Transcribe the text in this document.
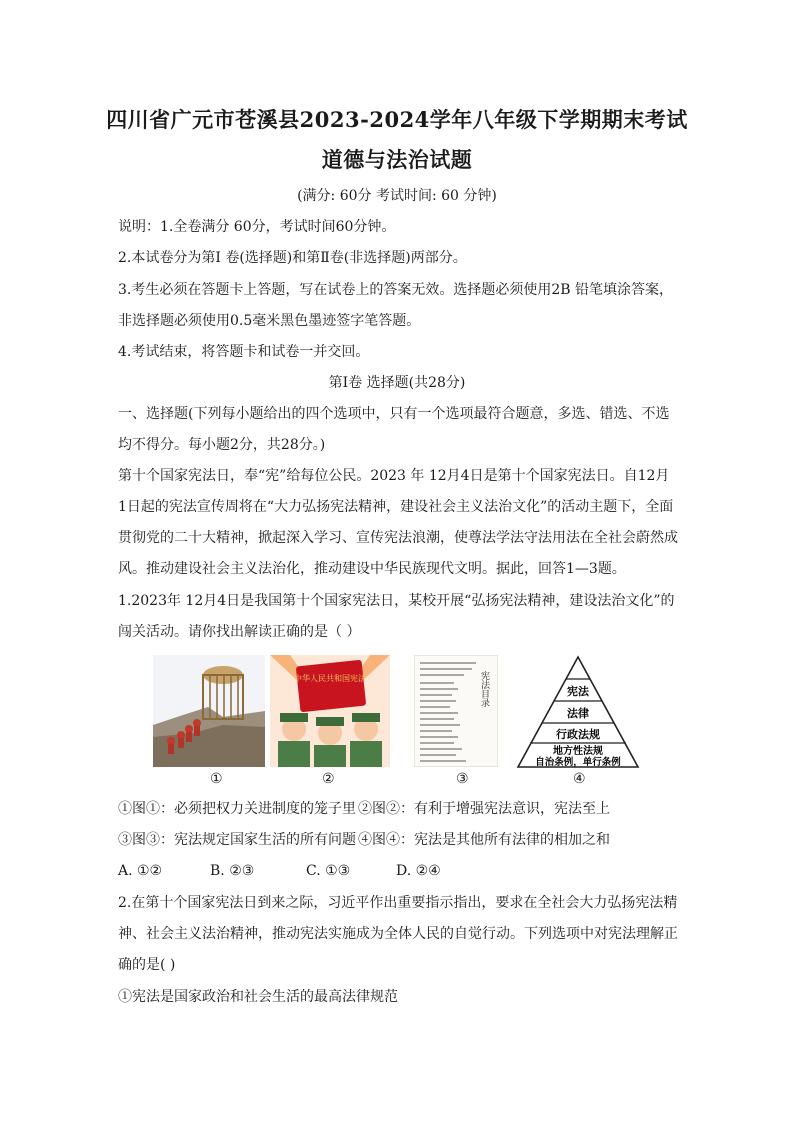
四川省广元市苍溪县2023-2024学年八年级下学期期末考试
道德与法治试题
(满分: 60分 考试时间: 60 分钟)
说明：1.全卷满分 60分，考试时间60分钟。
2.本试卷分为第Ⅰ 卷(选择题)和第Ⅱ卷(非选择题)两部分。
3.考生必须在答题卡上答题，写在试卷上的答案无效。选择题必须使用2B 铅笔填涂答案，
非选择题必须使用0.5毫米黑色墨迹签字笔答题。
4.考试结束，将答题卡和试卷一并交回。
第Ⅰ卷 选择题(共28分)
一、选择题(下列每小题给出的四个选项中，只有一个选项最符合题意，多选、错选、不选
均不得分。每小题2分，共28分。)
第十个国家宪法日，奉“宪”给每位公民。2023 年 12月4日是第十个国家宪法日。自12月
1日起的宪法宣传周将在“大力弘扬宪法精神，建设社会主义法治文化”的活动主题下，全面
贯彻党的二十大精神，掀起深入学习、宣传宪法浪潮，使尊法学法守法用法在全社会蔚然成
风。推动建设社会主义法治化，推动建设中华民族现代文明。据此，回答1—3题。
1.2023年 12月4日是我国第十个国家宪法日，某校开展“弘扬宪法精神，建设法治文化”的
闯关活动。请你找出解读正确的是（ ）
中华人民共和国宪法	宪法目录	宪法
法律
行政法规
地方性法规
自治条例，单行条例
①	②	③	④
①图①：必须把权力关进制度的笼子里 ②图②：有利于增强宪法意识，宪法至上
③图③：宪法规定国家生活的所有问题 ④图④：宪法是其他所有法律的相加之和
A. ①②	B. ②③	C. ①③	D. ②④
2.在第十个国家宪法日到来之际，习近平作出重要指示指出，要求在全社会大力弘扬宪法精
神、社会主义法治精神，推动宪法实施成为全体人民的自觉行动。下列选项中对宪法理解正
确的是( )
①宪法是国家政治和社会生活的最高法律规范
